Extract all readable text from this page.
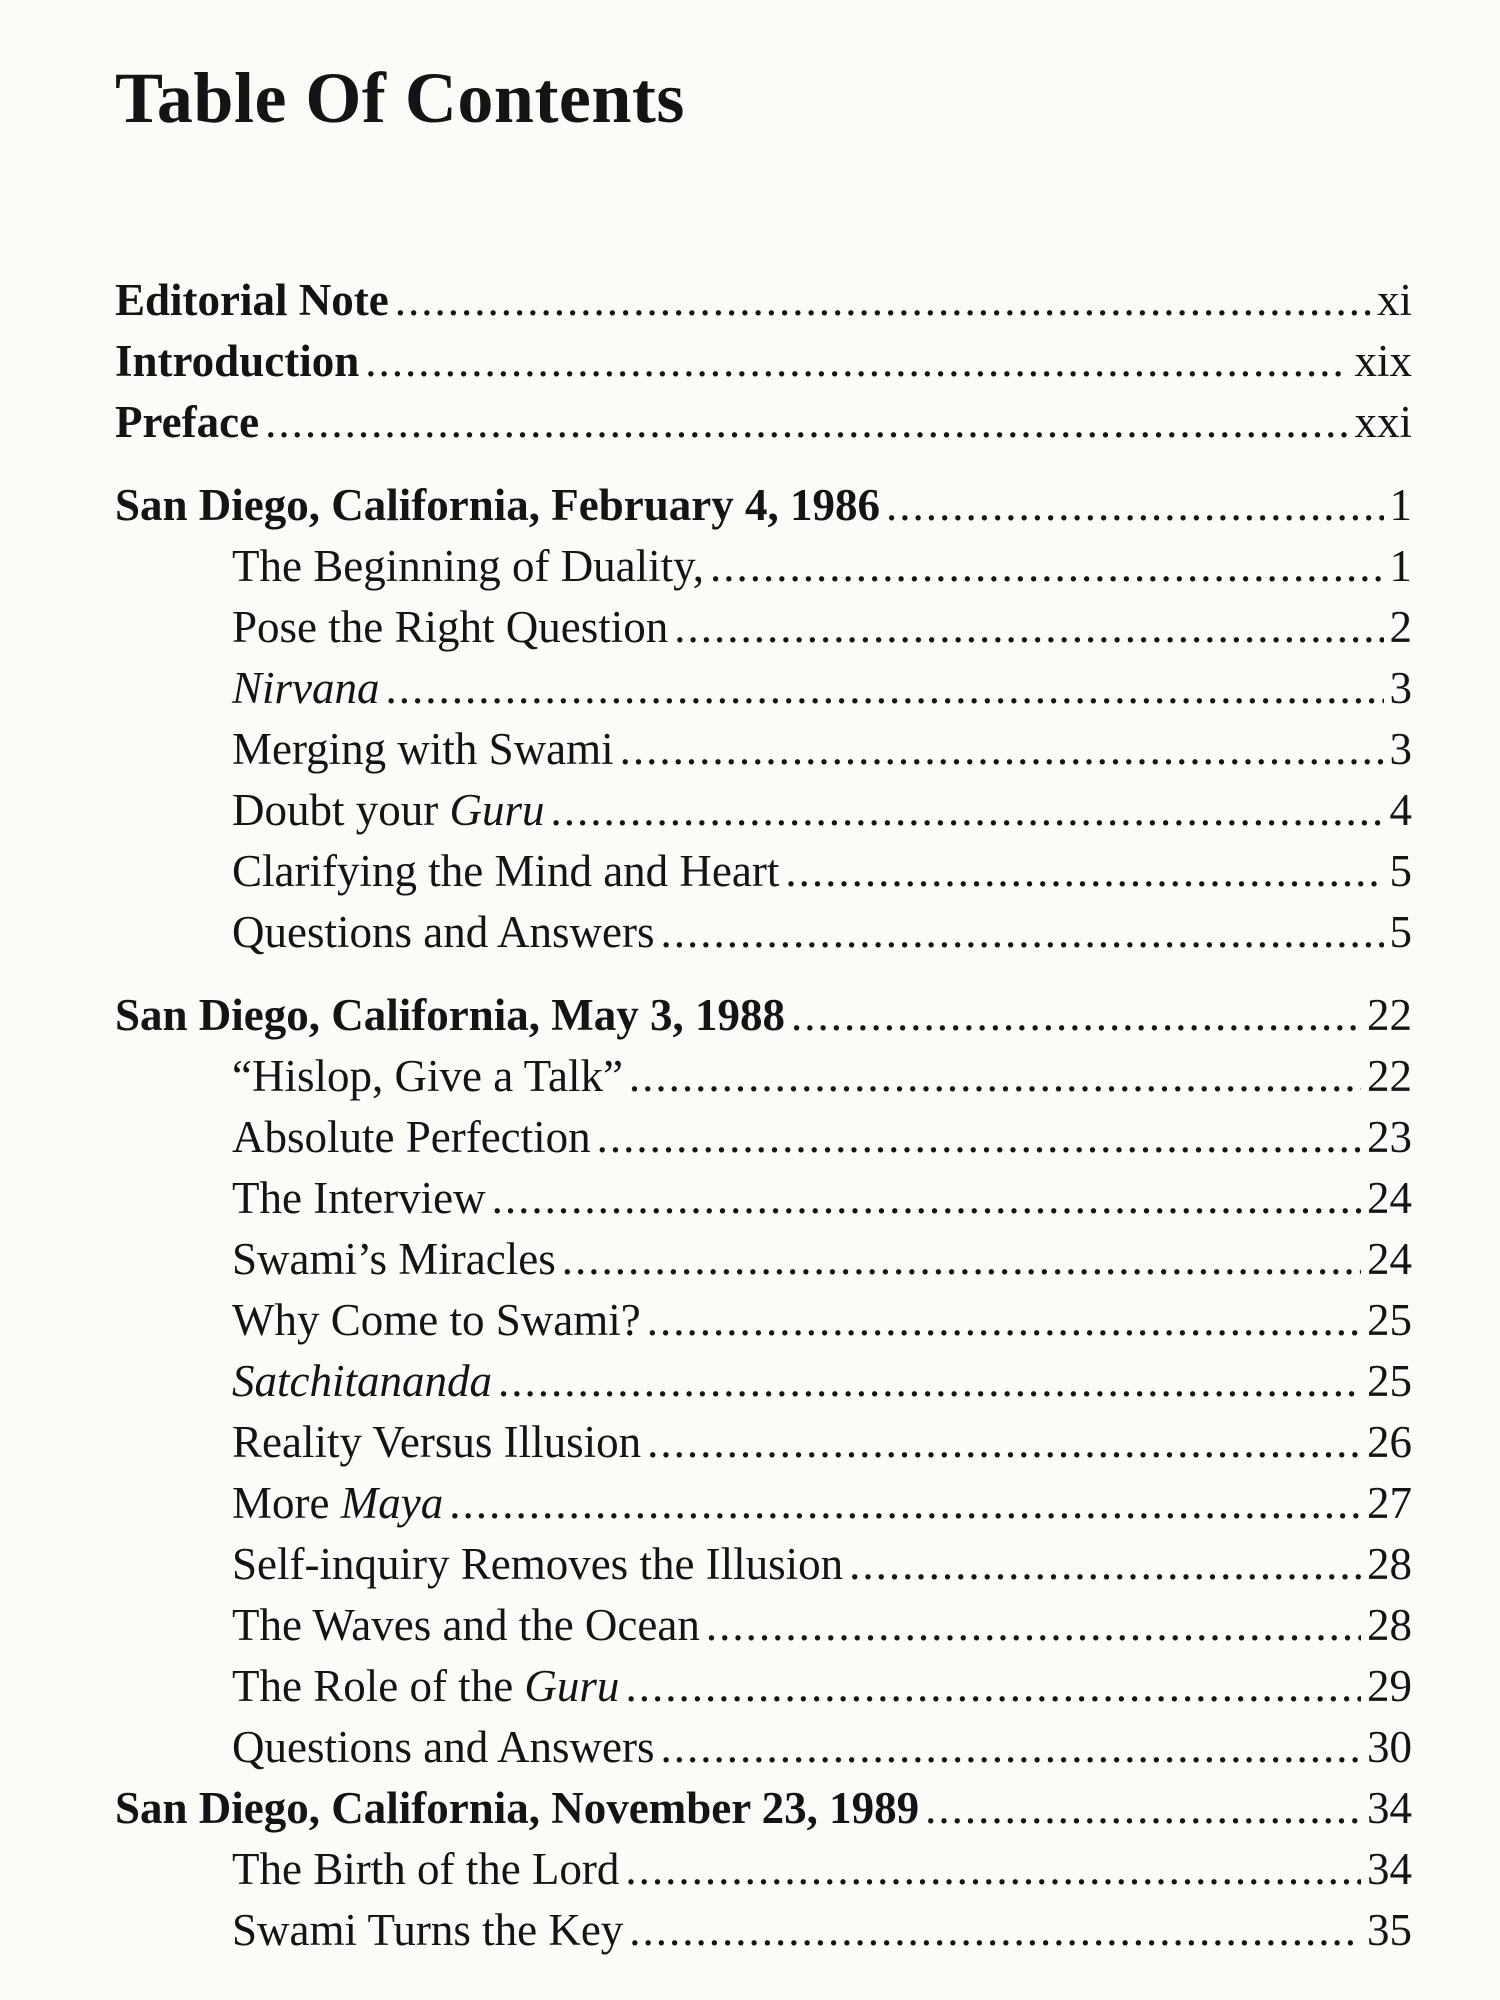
Table Of Contents
Editorial Note .....	xi
Introduction .....	xix
Preface .....	xxi
San Diego, California, February 4, 1986 .....	1
The Beginning of Duality, .....	1
Pose the Right Question .....	2
Nirvana .....	3
Merging with Swami .....	3
Doubt your Guru .....	4
Clarifying the Mind and Heart .....	5
Questions and Answers .....	5
San Diego, California, May 3, 1988 .....	22
“Hislop, Give a Talk” .....	22
Absolute Perfection .....	23
The Interview .....	24
Swami’s Miracles .....	24
Why Come to Swami? .....	25
Satchitananda .....	25
Reality Versus Illusion .....	26
More Maya .....	27
Self-inquiry Removes the Illusion .....	28
The Waves and the Ocean .....	28
The Role of the Guru .....	29
Questions and Answers .....	30
San Diego, California, November 23, 1989 .....	34
The Birth of the Lord .....	34
Swami Turns the Key .....	35
